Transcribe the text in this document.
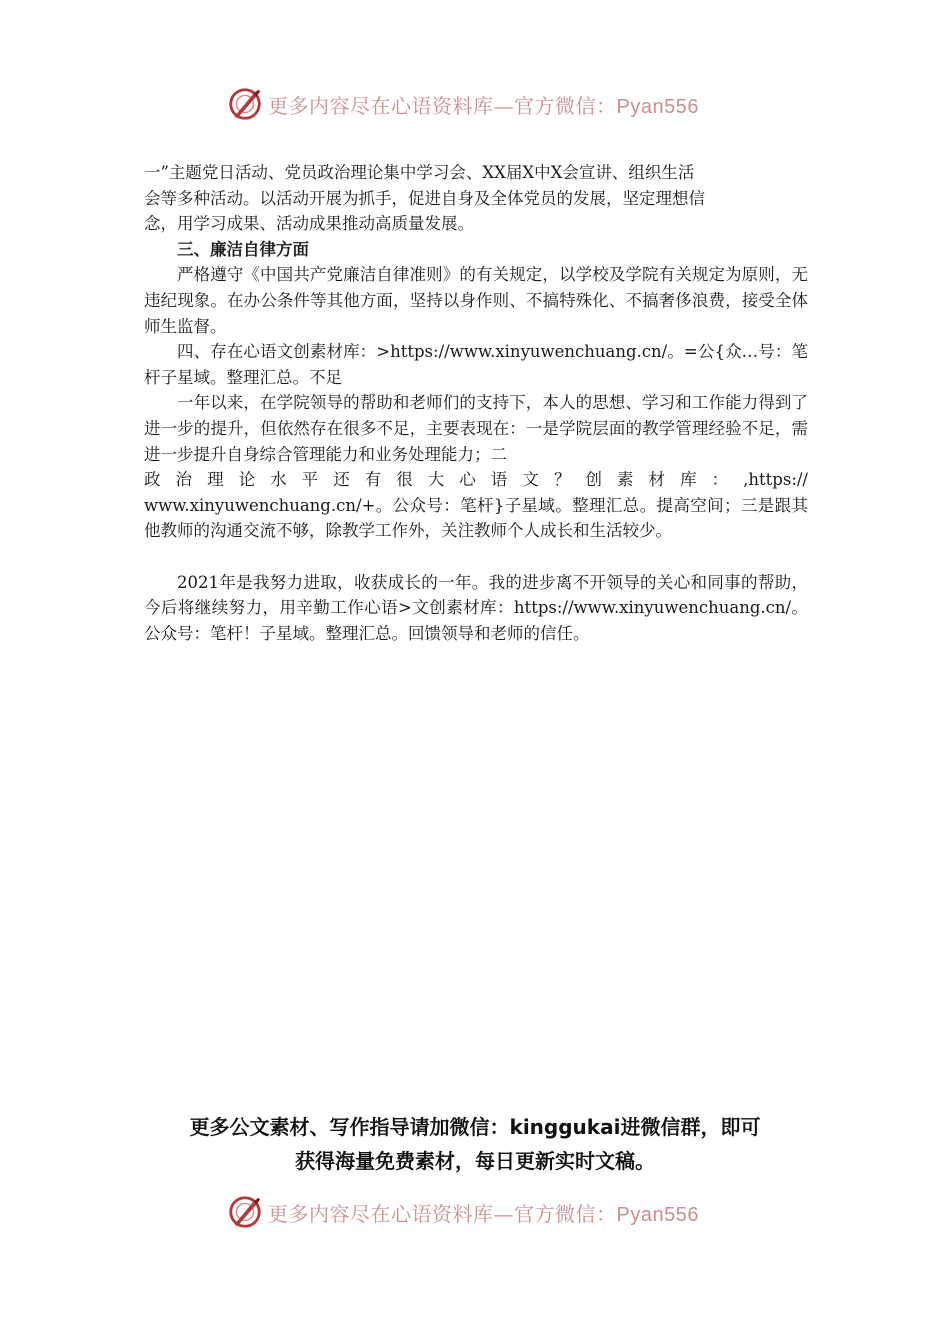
更多内容尽在心语资料库—官方微信：Pyan556

一”主题党日活动、党员政治理论集中学习会、XX届X中X会宣讲、组织生活

会等多种活动。以活动开展为抓手，促进自身及全体党员的发展，坚定理想信

念，用学习成果、活动成果推动高质量发展。

三、廉洁自律方面

严格遵守《中国共产党廉洁自律准则》的有关规定，以学校及学院有关规定为原则，无违纪现象。在办公条件等其他方面，坚持以身作则、不搞特殊化、不搞奢侈浪费，接受全体师生监督。

四、存在心语文创素材库：>https://www.xinyuwenchuang.cn/。=公{众…号：笔杆子星域。整理汇总。不足

一年以来，在学院领导的帮助和老师们的支持下，本人的思想、学习和工作能力得到了进一步的提升，但依然存在很多不足，主要表现在：一是学院层面的教学管理经验不足，需进一步提升自身综合管理能力和业务处理能力；二

政治理论水平还有很大心语文？创素材库：,https://

www.xinyuwenchuang.cn/+。公众号：笔杆}子星域。整理汇总。提高空间；三是跟其他教师的沟通交流不够，除教学工作外，关注教师个人成长和生活较少。

2021年是我努力进取，收获成长的一年。我的进步离不开领导的关心和同事的帮助，今后将继续努力，用辛勤工作心语>文创素材库：https://www.xinyuwenchuang.cn/。公众号：笔杆！子星域。整理汇总。回馈领导和老师的信任。

更多公文素材、写作指导请加微信：kinggukai进微信群，即可

获得海量免费素材，每日更新实时文稿。

更多内容尽在心语资料库—官方微信：Pyan556
